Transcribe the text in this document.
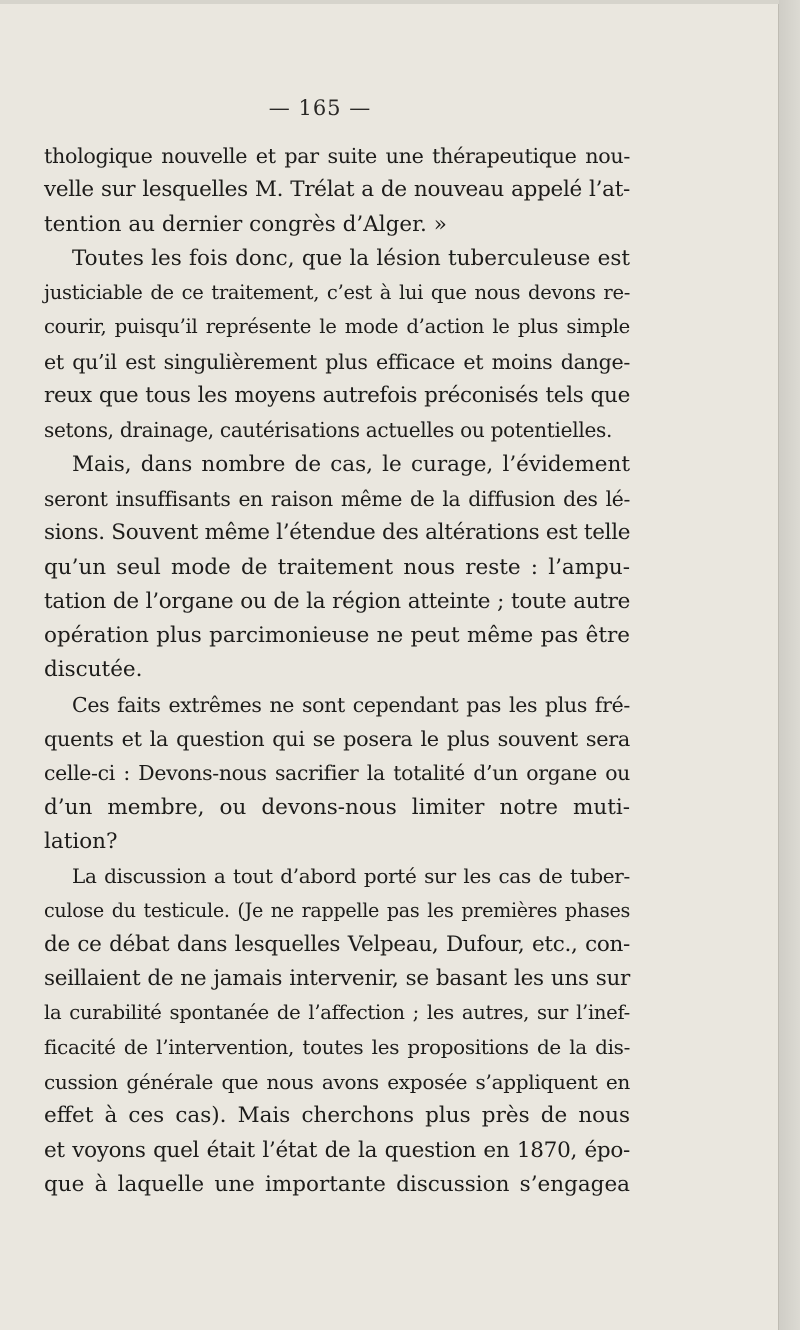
— 165 —
thologique nouvelle et par suite une thérapeutique nou-
velle sur lesquelles M. Trélat a de nouveau appelé l’at-
tention au dernier congrès d’Alger. »
Toutes les fois donc, que la lésion tuberculeuse est
justiciable de ce traitement, c’est à lui que nous devons re-
courir, puisqu’il représente le mode d’action le plus simple
et qu’il est singulièrement plus efficace et moins dange-
reux que tous les moyens autrefois préconisés tels que
setons, drainage, cautérisations actuelles ou potentielles.
Mais, dans nombre de cas, le curage, l’évidement
seront insuffisants en raison même de la diffusion des lé-
sions. Souvent même l’étendue des altérations est telle
qu’un seul mode de traitement nous reste : l’ampu-
tation de l’organe ou de la région atteinte ; toute autre
opération plus parcimonieuse ne peut même pas être
discutée.
Ces faits extrêmes ne sont cependant pas les plus fré-
quents et la question qui se posera le plus souvent sera
celle-ci : Devons-nous sacrifier la totalité d’un organe ou
d’un membre, ou devons-nous limiter notre muti-
lation?
La discussion a tout d’abord porté sur les cas de tuber-
culose du testicule. (Je ne rappelle pas les premières phases
de ce débat dans lesquelles Velpeau, Dufour, etc., con-
seillaient de ne jamais intervenir, se basant les uns sur
la curabilité spontanée de l’affection ; les autres, sur l’inef-
ficacité de l’intervention, toutes les propositions de la dis-
cussion générale que nous avons exposée s’appliquent en
effet à ces cas). Mais cherchons plus près de nous
et voyons quel était l’état de la question en 1870, épo-
que à laquelle une importante discussion s’engagea
